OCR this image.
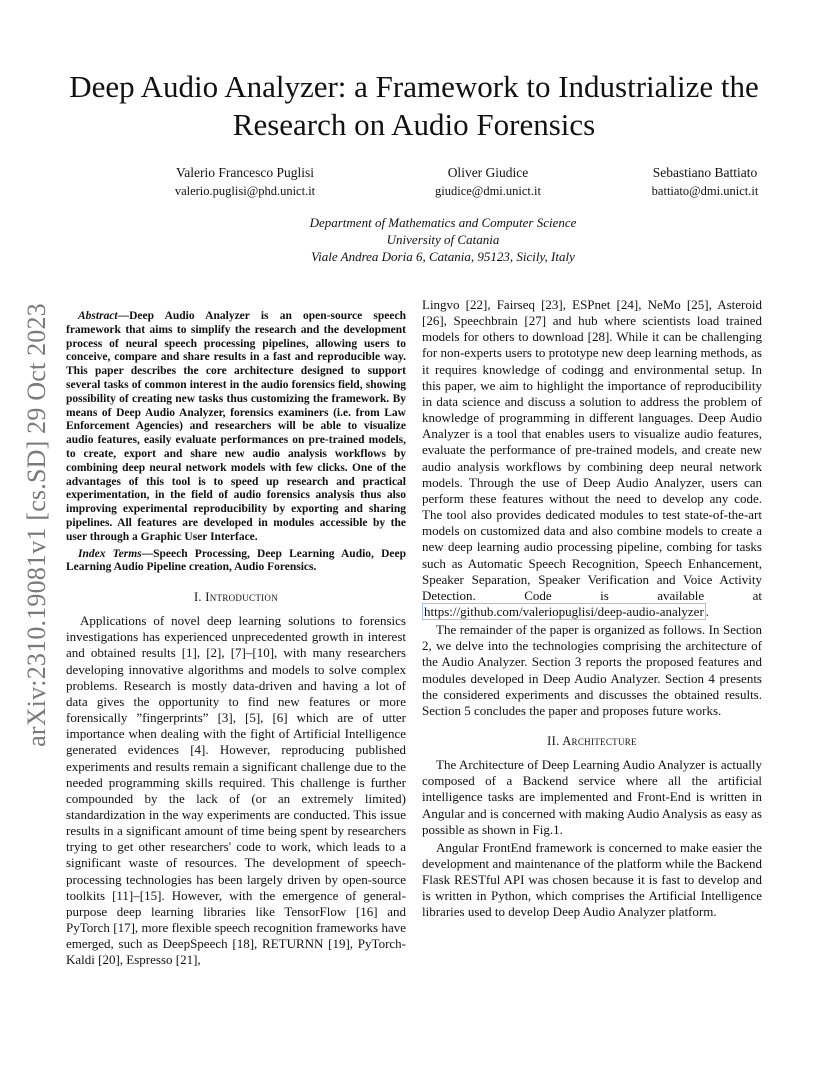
arXiv:2310.19081v1 [cs.SD] 29 Oct 2023
Deep Audio Analyzer: a Framework to Industrialize the Research on Audio Forensics
Valerio Francesco Puglisi
valerio.puglisi@phd.unict.it
Oliver Giudice
giudice@dmi.unict.it
Sebastiano Battiato
battiato@dmi.unict.it
Department of Mathematics and Computer Science
University of Catania
Viale Andrea Doria 6, Catania, 95123, Sicily, Italy

Abstract—Deep Audio Analyzer is an open-source speech framework that aims to simplify the research and the development process of neural speech processing pipelines, allowing users to conceive, compare and share results in a fast and reproducible way. This paper describes the core architecture designed to support several tasks of common interest in the audio forensics field, showing possibility of creating new tasks thus customizing the framework. By means of Deep Audio Analyzer, forensics examiners (i.e. from Law Enforcement Agencies) and researchers will be able to visualize audio features, easily evaluate performances on pre-trained models, to create, export and share new audio analysis workflows by combining deep neural network models with few clicks. One of the advantages of this tool is to speed up research and practical experimentation, in the field of audio forensics analysis thus also improving experimental reproducibility by exporting and sharing pipelines. All features are developed in modules accessible by the user through a Graphic User Interface.

Index Terms—Speech Processing, Deep Learning Audio, Deep Learning Audio Pipeline creation, Audio Forensics.

I. Introduction

Applications of novel deep learning solutions to forensics investigations has experienced unprecedented growth in interest and obtained results [1], [2], [7]–[10], with many researchers developing innovative algorithms and models to solve complex problems. Research is mostly data-driven and having a lot of data gives the opportunity to find new features or more forensically ”fingerprints” [3], [5], [6] which are of utter importance when dealing with the fight of Artificial Intelligence generated evidences [4]. However, reproducing published experiments and results remain a significant challenge due to the needed programming skills required. This challenge is further compounded by the lack of (or an extremely limited) standardization in the way experiments are conducted. This issue results in a significant amount of time being spent by researchers trying to get other researchers' code to work, which leads to a significant waste of resources. The development of speech-processing technologies has been largely driven by open-source toolkits [11]–[15]. However, with the emergence of general-purpose deep learning libraries like TensorFlow [16] and PyTorch [17], more flexible speech recognition frameworks have emerged, such as DeepSpeech [18], RETURNN [19], PyTorch-Kaldi [20], Espresso [21],

Lingvo [22], Fairseq [23], ESPnet [24], NeMo [25], Asteroid [26], Speechbrain [27] and hub where scientists load trained models for others to download [28]. While it can be challenging for non-experts users to prototype new deep learning methods, as it requires knowledge of codingg and environmental setup. In this paper, we aim to highlight the importance of reproducibility in data science and discuss a solution to address the problem of knowledge of programming in different languages. Deep Audio Analyzer is a tool that enables users to visualize audio features, evaluate the performance of pre-trained models, and create new audio analysis workflows by combining deep neural network models. Through the use of Deep Audio Analyzer, users can perform these features without the need to develop any code. The tool also provides dedicated modules to test state-of-the-art models on customized data and also combine models to create a new deep learning audio processing pipeline, combing for tasks such as Automatic Speech Recognition, Speech Enhancement, Speaker Separation, Speaker Verification and Voice Activity Detection. Code is available at https://github.com/valeriopuglisi/deep-audio-analyzer .

The remainder of the paper is organized as follows. In Section 2, we delve into the technologies comprising the architecture of the Audio Analyzer. Section 3 reports the proposed features and modules developed in Deep Audio Analyzer. Section 4 presents the considered experiments and discusses the obtained results. Section 5 concludes the paper and proposes future works.

II. Architecture

The Architecture of Deep Learning Audio Analyzer is actually composed of a Backend service where all the artificial intelligence tasks are implemented and Front-End is written in Angular and is concerned with making Audio Analysis as easy as possible as shown in Fig.1.

Angular FrontEnd framework is concerned to make easier the development and maintenance of the platform while the Backend Flask RESTful API was chosen because it is fast to develop and is written in Python, which comprises the Artificial Intelligence libraries used to develop Deep Audio Analyzer platform.
